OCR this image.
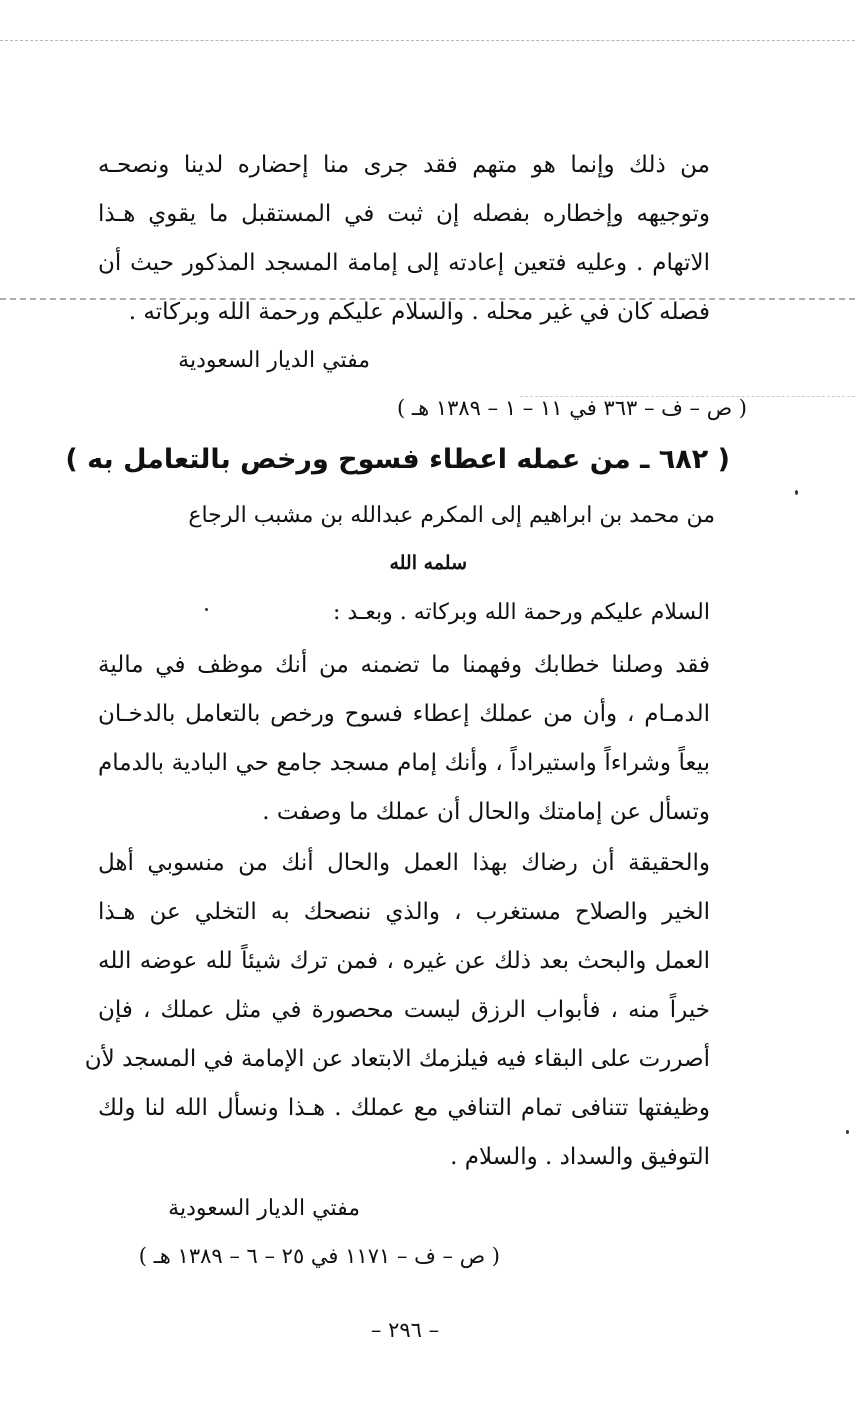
من ذلك وإنما هو متهم فقد جرى منا إحضاره لدينا ونصحـه
وتوجيهه وإخطاره بفصله إن ثبت في المستقبل ما يقوي هـذا
الاتهام . وعليه فتعين إعادته إلى إمامة المسجد المذكور حيث أن
فصله كان في غير محله . والسلام عليكم ورحمة الله وبركاته .
مفتي الديار السعودية
( ص – ف – ٣٦٣ في ١١ – ١ – ١٣٨٩ هـ )
( ٦٨٢ ـ من عمله اعطاء فسوح ورخص بالتعامل به )
من محمد بن ابراهيم إلى المكرم عبدالله بن مشبب الرجاع
سلمه الله
السلام عليكم ورحمة الله وبركاته . وبعـد :
فقد وصلنا خطابك وفهمنا ما تضمنه من أنك موظف في مالية
الدمـام ، وأن من عملك إعطاء فسوح ورخص بالتعامل بالدخـان
بيعاً وشراءاً واستيراداً ، وأنك إمام مسجد جامع حي البادية بالدمام
وتسأل عن إمامتك والحال أن عملك ما وصفت .
والحقيقة أن رضاك بهذا العمل والحال أنك من منسوبي أهل
الخير والصلاح مستغرب ، والذي ننصحك به التخلي عن هـذا
العمل والبحث بعد ذلك عن غيره ، فمن ترك شيئاً لله عوضه الله
خيراً منه ، فأبواب الرزق ليست محصورة في مثل عملك ، فإن
أصررت على البقاء فيه فيلزمك الابتعاد عن الإمامة في المسجد لأن
وظيفتها تتنافى تمام التنافي مع عملك . هـذا ونسأل الله لنا ولك
التوفيق والسداد . والسلام .
مفتي الديار السعودية
( ص – ف – ١١٧١ في ٢٥ – ٦ – ١٣٨٩ هـ )
– ٢٩٦ –
